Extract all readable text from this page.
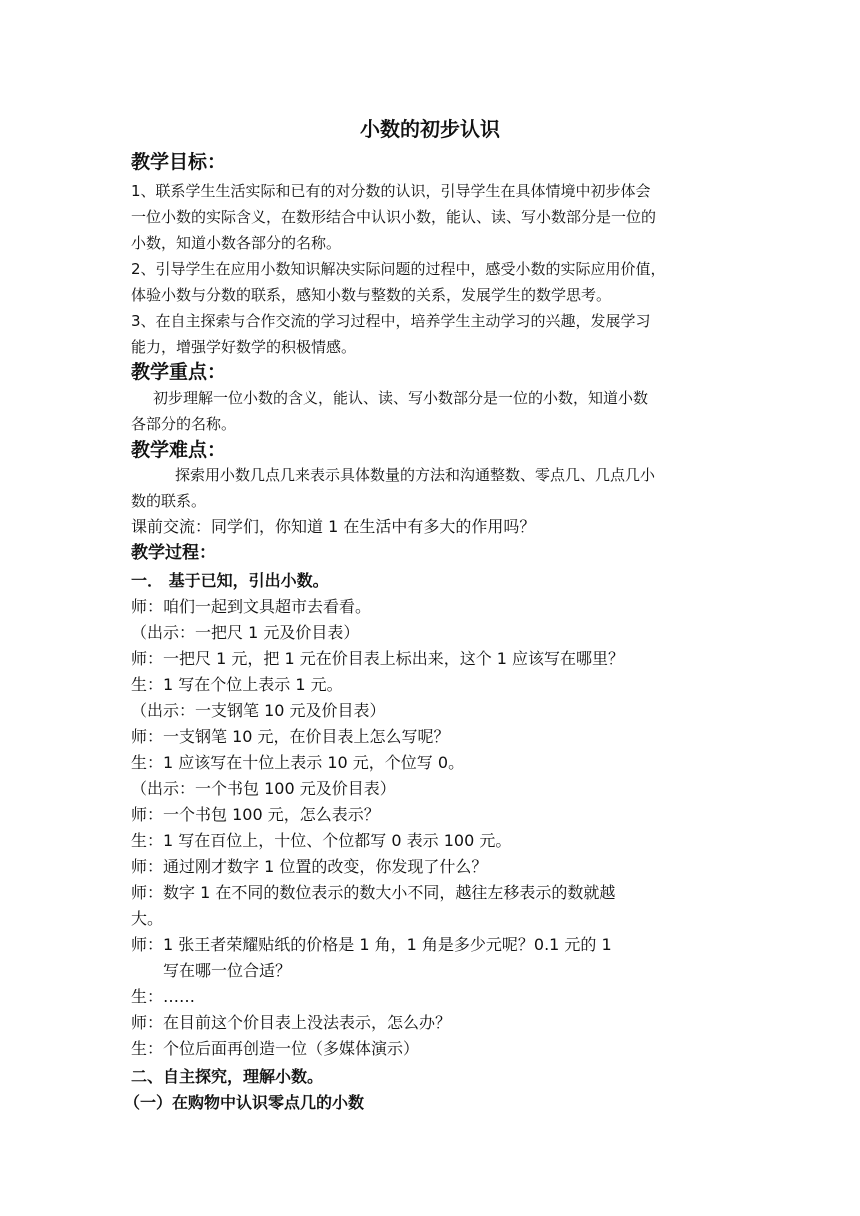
小数的初步认识
教学目标：
1、联系学生生活实际和已有的对分数的认识，引导学生在具体情境中初步体会
一位小数的实际含义，在数形结合中认识小数，能认、读、写小数部分是一位的
小数，知道小数各部分的名称。
2、引导学生在应用小数知识解决实际问题的过程中，感受小数的实际应用价值，
体验小数与分数的联系，感知小数与整数的关系，发展学生的数学思考。
3、在自主探索与合作交流的学习过程中，培养学生主动学习的兴趣，发展学习
能力，增强学好数学的积极情感。
教学重点：
初步理解一位小数的含义，能认、读、写小数部分是一位的小数，知道小数
各部分的名称。
教学难点：
探索用小数几点几来表示具体数量的方法和沟通整数、零点几、几点几小
数的联系。
课前交流：同学们，你知道 1 在生活中有多大的作用吗？
教学过程：
一． 基于已知，引出小数。
师：咱们一起到文具超市去看看。
（出示：一把尺 1 元及价目表）
师：一把尺 1 元，把 1 元在价目表上标出来，这个 1 应该写在哪里？
生：1 写在个位上表示 1 元。
（出示：一支钢笔 10 元及价目表）
师：一支钢笔 10 元，在价目表上怎么写呢？
生：1 应该写在十位上表示 10 元，个位写 0。
（出示：一个书包 100 元及价目表）
师：一个书包 100 元，怎么表示？
生：1 写在百位上，十位、个位都写 0 表示 100 元。
师：通过刚才数字 1 位置的改变，你发现了什么？
师：数字 1 在不同的数位表示的数大小不同，越往左移表示的数就越
大。
师：1 张王者荣耀贴纸的价格是 1 角，1 角是多少元呢？0.1 元的 1
写在哪一位合适？
生：……
师：在目前这个价目表上没法表示，怎么办？
生：个位后面再创造一位（多媒体演示）
二、自主探究，理解小数。
（一）在购物中认识零点几的小数
